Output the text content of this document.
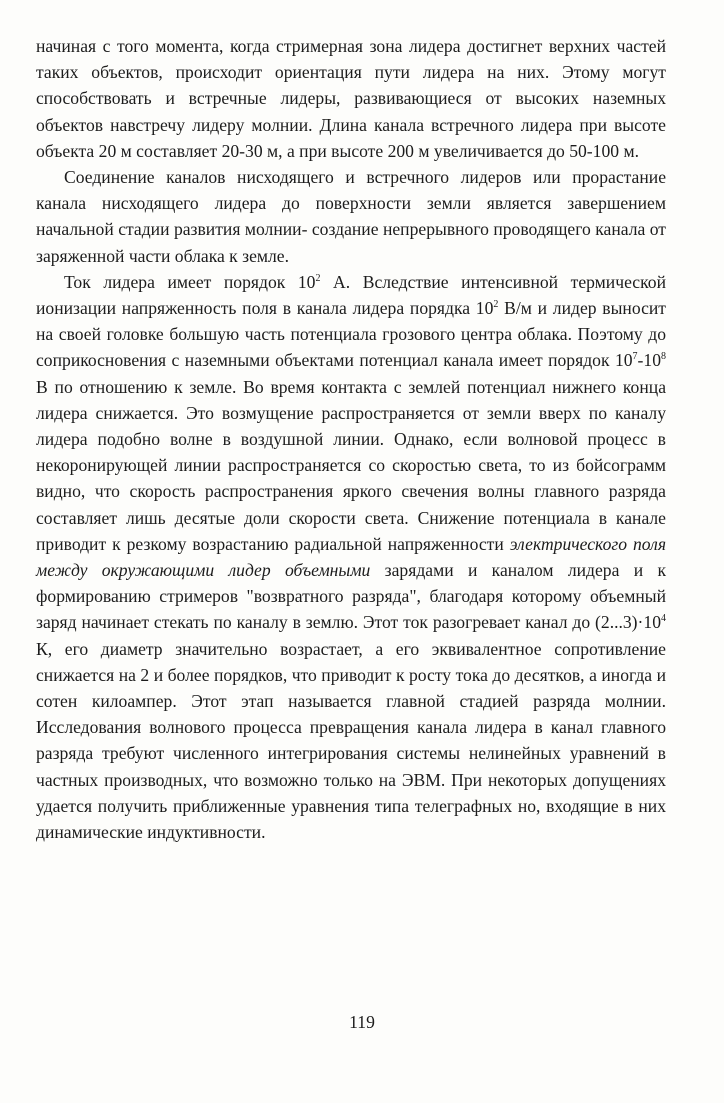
начиная с того момента, когда стримерная зона лидера достигнет верхних частей таких объектов, происходит ориентация пути лидера на них. Этому могут способствовать и встречные лидеры, развивающиеся от высоких наземных объектов навстречу лидеру молнии. Длина канала встречного лидера при высоте объекта 20 м составляет 20-30 м, а при высоте 200 м увеличивается до 50-100 м.

Соединение каналов нисходящего и встречного лидеров или прорастание канала нисходящего лидера до поверхности земли является завершением начальной стадии развития молнии- создание непрерывного проводящего канала от заряженной части облака к земле.

Ток лидера имеет порядок $10^2$ А. Вследствие интенсивной термической ионизации напряженность поля в канала лидера порядка $10^2$ В/м и лидер выносит на своей головке большую часть потенциала грозового центра облака. Поэтому до соприкосновения с наземными объектами потенциал канала имеет порядок $10^7-10^8$ В по отношению к земле. Во время контакта с землей потенциал нижнего конца лидера снижается. Это возмущение распространяется от земли вверх по каналу лидера подобно волне в воздушной линии. Однако, если волновой процесс в некоронирующей линии распространяется со скоростью света, то из бойсограмм видно, что скорость распространения яркого свечения волны главного разряда составляет лишь десятые доли скорости света. Снижение потенциала в канале приводит к резкому возрастанию радиальной напряженности электрического поля между окружающими лидер объемными зарядами и каналом лидера и к формированию стримеров "возвратного разряда", благодаря которому объемный заряд начинает стекать по каналу в землю. Этот ток разогревает канал до $(2...3)\cdot 10^4$ К, его диаметр значительно возрастает, а его эквивалентное сопротивление снижается на 2 и более порядков, что приводит к росту тока до десятков, а иногда и сотен килоампер. Этот этап называется главной стадией разряда молнии. Исследования волнового процесса превращения канала лидера в канал главного разряда требуют численного интегрирования системы нелинейных уравнений в частных производных, что возможно только на ЭВМ. При некоторых допущениях удается получить приближенные уравнения типа телеграфных но, входящие в них динамические индуктивности.

119
